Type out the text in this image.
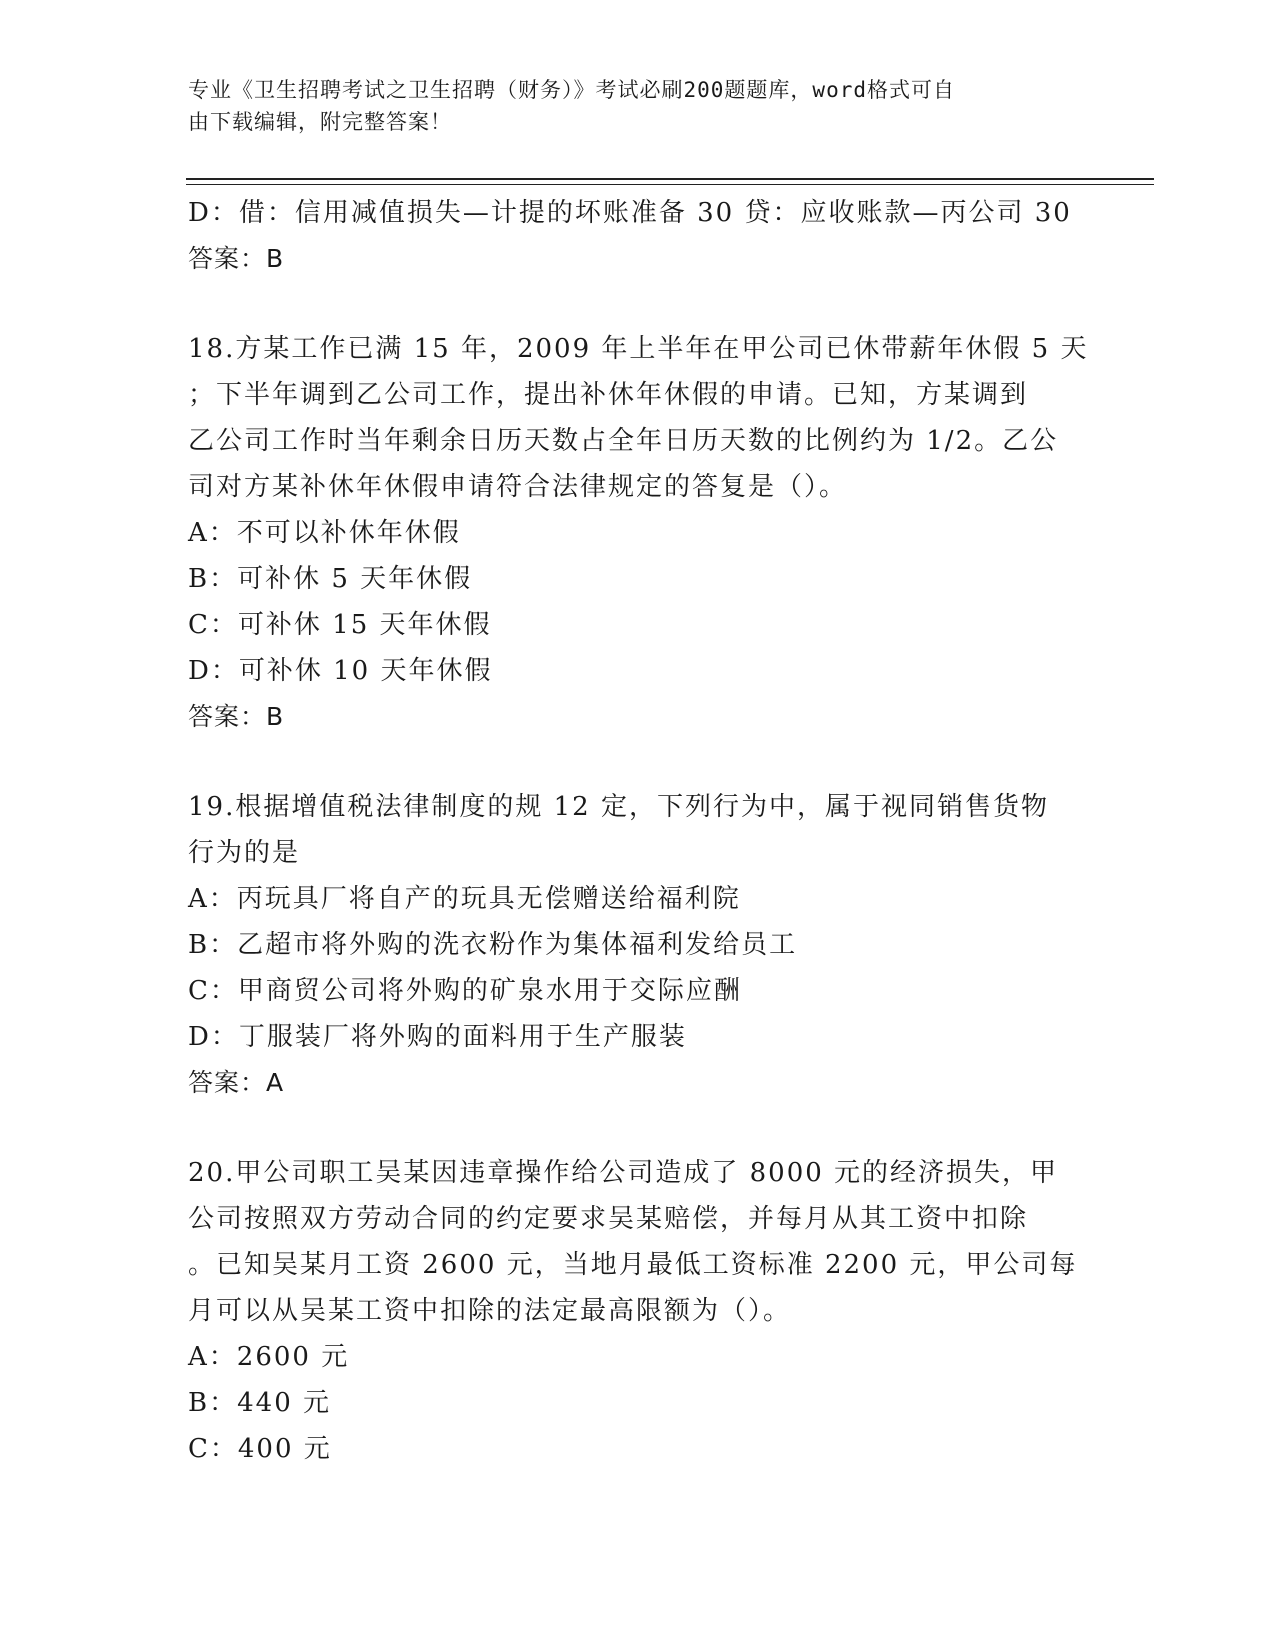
专业《卫生招聘考试之卫生招聘（财务）》考试必刷200题题库，word格式可自
由下载编辑，附完整答案！
D：借：信用减值损失—计提的坏账准备 30 贷：应收账款—丙公司 30
答案：B
18.方某工作已满 15 年，2009 年上半年在甲公司已休带薪年休假 5 天
；下半年调到乙公司工作，提出补休年休假的申请。已知，方某调到
乙公司工作时当年剩余日历天数占全年日历天数的比例约为 1/2。乙公
司对方某补休年休假申请符合法律规定的答复是（）。
A：不可以补休年休假
B：可补休 5 天年休假
C：可补休 15 天年休假
D：可补休 10 天年休假
答案：B
19.根据增值税法律制度的规 12 定，下列行为中，属于视同销售货物
行为的是
A：丙玩具厂将自产的玩具无偿赠送给福利院
B：乙超市将外购的洗衣粉作为集体福利发给员工
C：甲商贸公司将外购的矿泉水用于交际应酬
D：丁服装厂将外购的面料用于生产服装
答案：A
20.甲公司职工吴某因违章操作给公司造成了 8000 元的经济损失，甲
公司按照双方劳动合同的约定要求吴某赔偿，并每月从其工资中扣除
。已知吴某月工资 2600 元，当地月最低工资标准 2200 元，甲公司每
月可以从吴某工资中扣除的法定最高限额为（）。
A：2600 元
B：440 元
C：400 元
